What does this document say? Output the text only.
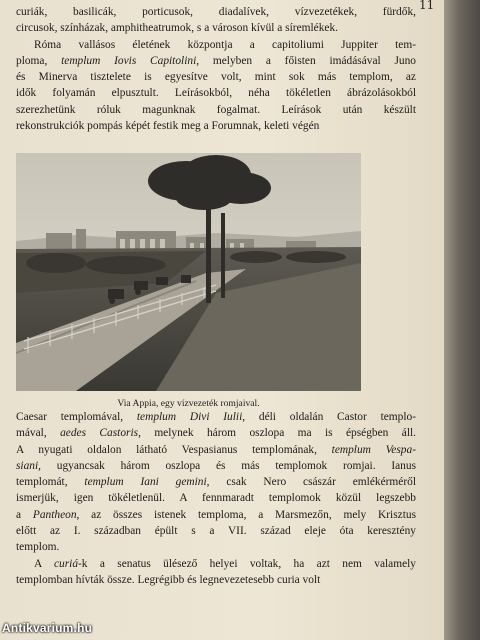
11
curiák, basilicák, porticusok, diadalívek, vízvezetékek, fürdők,
circusok, színházak, amphitheatrumok, s a városon kívül a síremlékek.
Róma vallásos életének központja a capitoliumi Juppiter tem-
ploma, templum Iovis Capitolini, melyben a főisten imádásával Juno
és Minerva tisztelete is egyesítve volt, mint sok más templom, az
idők folyamán elpusztult. Leírásokból, néha tökéletlen ábrázolásokból
szerezhetünk róluk magunknak fogalmat. Leírások után készült
rekonstrukciók pompás képét festik meg a Forumnak, keleti végén
Via Appia, egy vízvezeték romjaival.
Caesar templomával, templum Divi Iulii, déli oldalán Castor templo-
mával, aedes Castoris, melynek három oszlopa ma is épségben áll.
A nyugati oldalon látható Vespasianus templomának, templum Vespa-
siani, ugyancsak három oszlopa és más templomok romjai. Ianus
templomát, templum Iani gemini, csak Nero császár emlékérméről
ismerjük, igen tökéletlenül. A fennmaradt templomok közül legszebb
a Pantheon, az összes istenek temploma, a Marsmezőn, mely Krisztus
előtt az I. században épült s a VII. század eleje óta keresztény
templom.
A curiá-k a senatus ülésező helyei voltak, ha azt nem valamely
templomban hívták össze. Legrégibb és legnevezetesebb curia volt
Antikvarium.hu
